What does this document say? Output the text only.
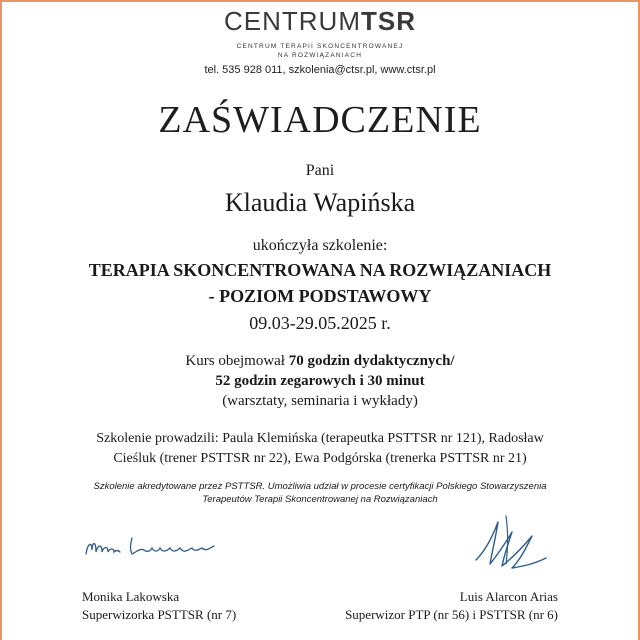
CENTRUMTSR
CENTRUM TERAPII SKONCENTROWANEJ
NA ROZWIĄZANIACH
tel. 535 928 011, szkolenia@ctsr.pl, www.ctsr.pl
ZAŚWIADCZENIE
Pani
Klaudia Wapińska
ukończyła szkolenie:
TERAPIA SKONCENTROWANA NA ROZWIĄZANIACH
- POZIOM PODSTAWOWY
09.03-29.05.2025 r.
Kurs obejmował 70 godzin dydaktycznych/
52 godzin zegarowych i 30 minut
(warsztaty, seminaria i wykłady)
Szkolenie prowadzili: Paula Klemińska (terapeutka PSTTSR nr 121), Radosław
Cieśluk (trener PSTTSR nr 22), Ewa Podgórska (trenerka PSTTSR nr 21)
Szkolenie akredytowane przez PSTTSR. Umożliwia udział w procesie certyfikacji Polskiego Stowarzyszenia
Terapeutów Terapii Skoncentrowanej na Rozwiązaniach
Monika Lakowska
Superwizorka PSTTSR (nr 7)
Luis Alarcon Arias
Superwizor PTP (nr 56) i PSTTSR (nr 6)
